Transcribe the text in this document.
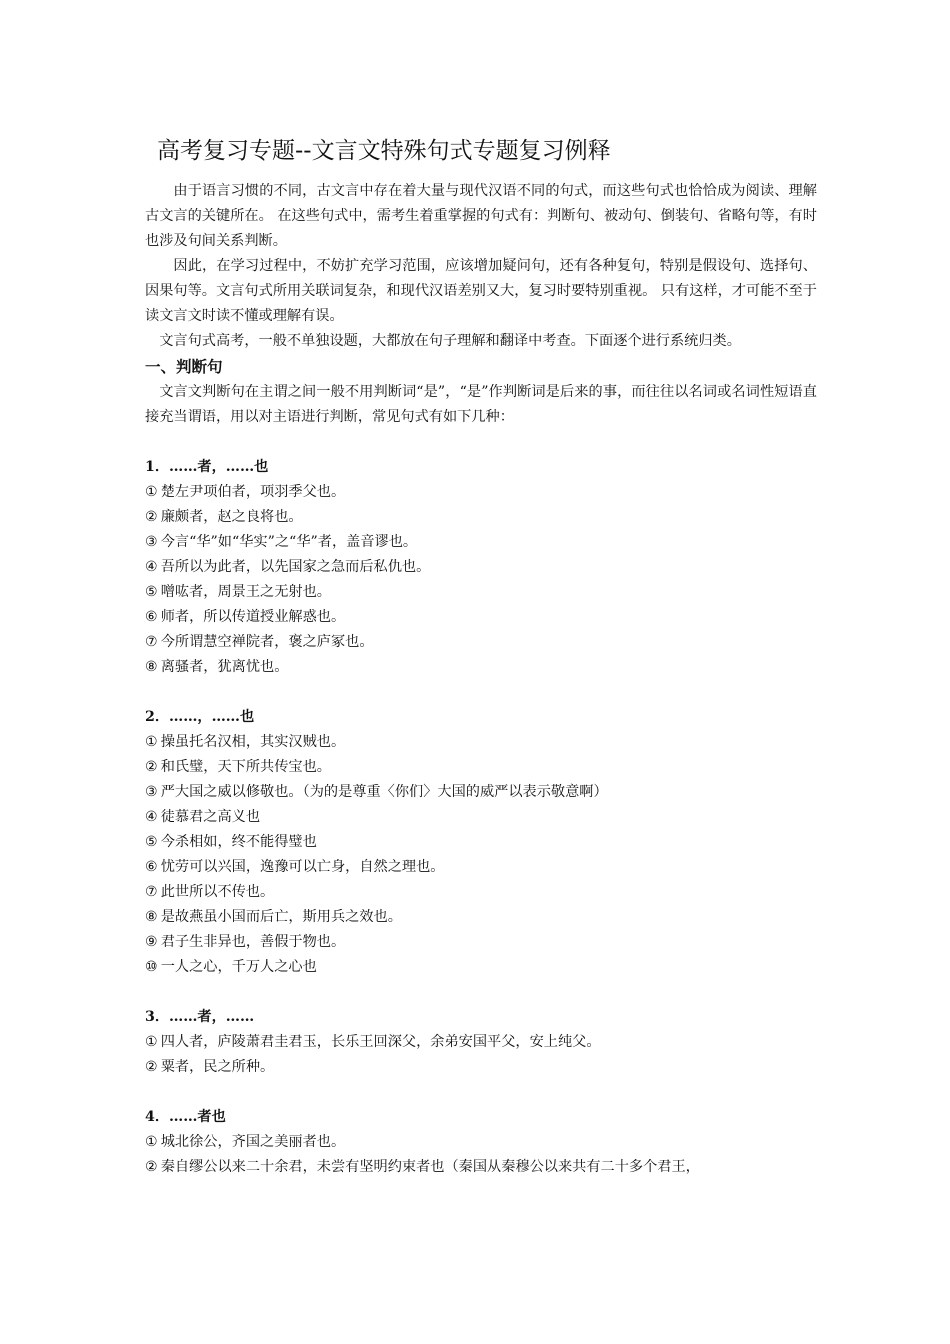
高考复习专题--文言文特殊句式专题复习例释

由于语言习惯的不同，古文言中存在着大量与现代汉语不同的句式，而这些句式也恰恰成为阅读、理解古文言的关键所在。 在这些句式中，需考生着重掌握的句式有：判断句、被动句、倒装句、省略句等，有时也涉及句间关系判断。

因此，在学习过程中，不妨扩充学习范围，应该增加疑问句，还有各种复句，特别是假设句、选择句、因果句等。文言句式所用关联词复杂，和现代汉语差别又大，复习时要特别重视。 只有这样，才可能不至于读文言文时读不懂或理解有误。

文言句式高考，一般不单独设题，大都放在句子理解和翻译中考查。下面逐个进行系统归类。

一、判断句

文言文判断句在主谓之间一般不用判断词“是”，“是”作判断词是后来的事，而往往以名词或名词性短语直接充当谓语，用以对主语进行判断，常见句式有如下几种：

1．……者，……也
① 楚左尹项伯者，项羽季父也。
② 廉颇者，赵之良将也。
③ 今言“华”如“华实”之“华”者，盖音谬也。
④ 吾所以为此者，以先国家之急而后私仇也。
⑤ 噌吰者，周景王之无射也。
⑥ 师者，所以传道授业解惑也。
⑦ 今所谓慧空禅院者，褒之庐冢也。
⑧ 离骚者，犹离忧也。
2．……，……也
① 操虽托名汉相，其实汉贼也。
② 和氏璧，天下所共传宝也。
③ 严大国之威以修敬也。（为的是尊重〈你们〉大国的威严以表示敬意啊）
④ 徒慕君之高义也
⑤ 今杀相如，终不能得璧也
⑥ 忧劳可以兴国，逸豫可以亡身，自然之理也。
⑦ 此世所以不传也。
⑧ 是故燕虽小国而后亡，斯用兵之效也。
⑨ 君子生非异也，善假于物也。
⑩ 一人之心，千万人之心也
3．……者，……
① 四人者，庐陵萧君圭君玉，长乐王回深父，余弟安国平父，安上纯父。
② 粟者，民之所种。
4．……者也
① 城北徐公，齐国之美丽者也。
② 秦自缪公以来二十余君，未尝有坚明约束者也（秦国从秦穆公以来共有二十多个君王，
